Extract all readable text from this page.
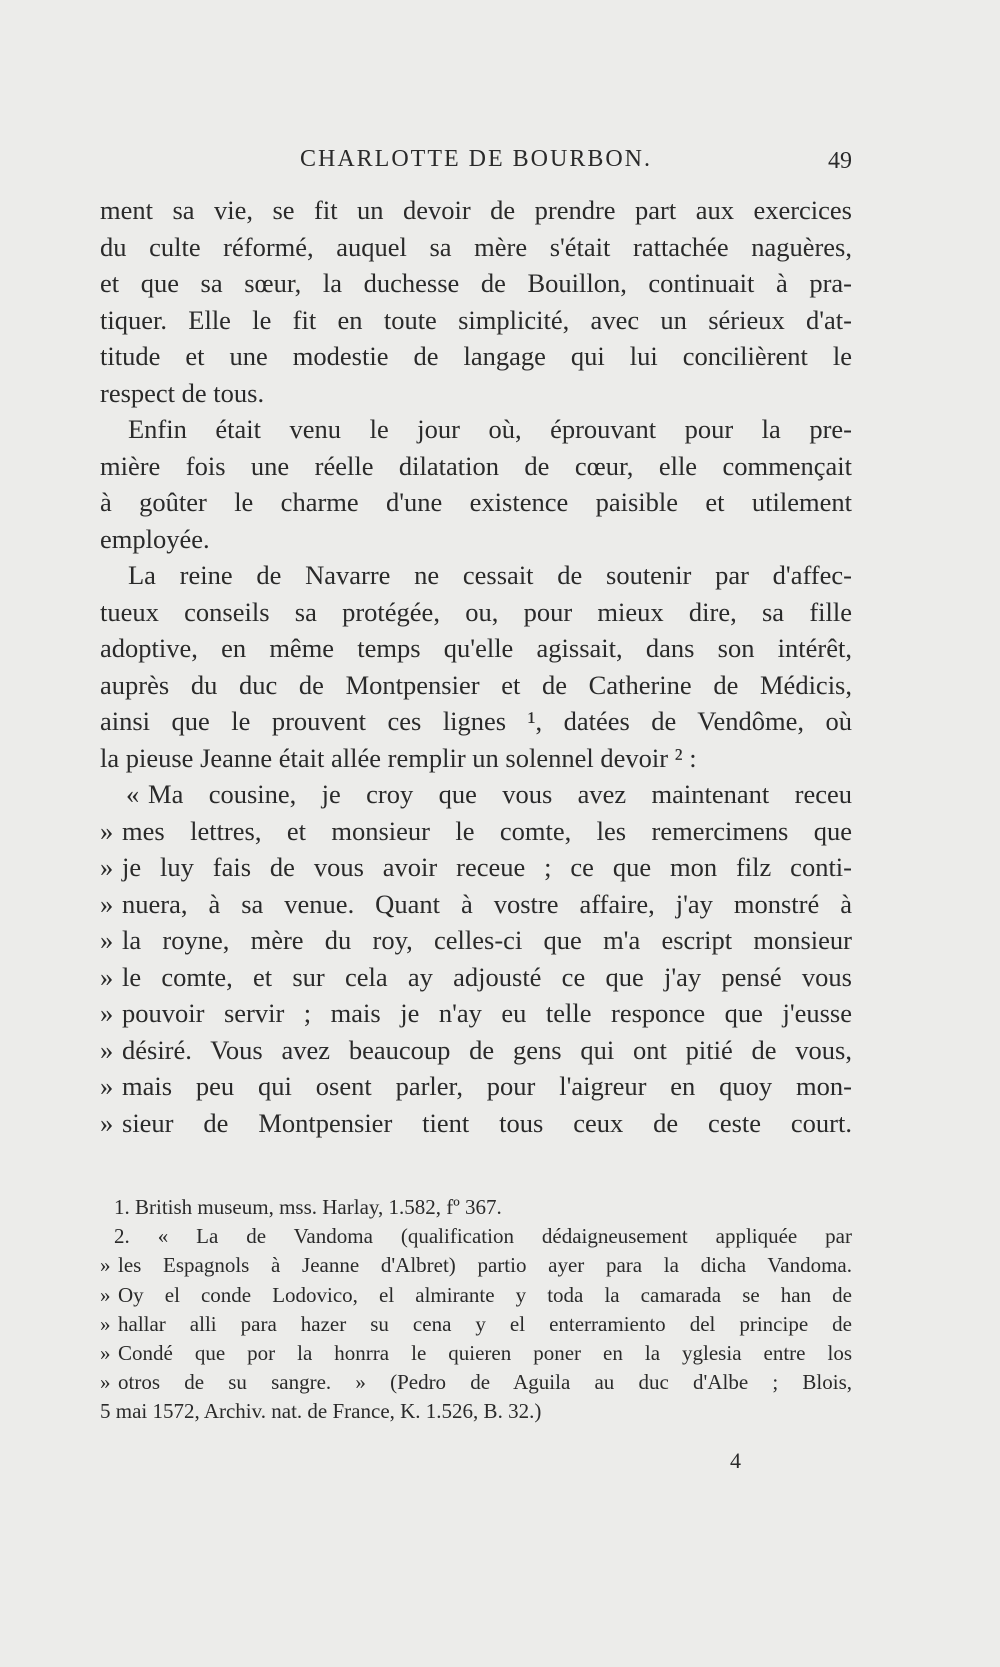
CHARLOTTE DE BOURBON.	49
ment sa vie, se fit un devoir de prendre part aux exercices
du culte réformé, auquel sa mère s'était rattachée naguères,
et que sa sœur, la duchesse de Bouillon, continuait à pra-
tiquer. Elle le fit en toute simplicité, avec un sérieux d'at-
titude et une modestie de langage qui lui concilièrent le
respect de tous.
Enfin était venu le jour où, éprouvant pour la pre-
mière fois une réelle dilatation de cœur, elle commençait
à goûter le charme d'une existence paisible et utilement
employée.
La reine de Navarre ne cessait de soutenir par d'affec-
tueux conseils sa protégée, ou, pour mieux dire, sa fille
adoptive, en même temps qu'elle agissait, dans son intérêt,
auprès du duc de Montpensier et de Catherine de Médicis,
ainsi que le prouvent ces lignes ¹, datées de Vendôme, où
la pieuse Jeanne était allée remplir un solennel devoir ² :
« Ma cousine, je croy que vous avez maintenant receu
» mes lettres, et monsieur le comte, les remercimens que
» je luy fais de vous avoir receue ; ce que mon filz conti-
» nuera, à sa venue. Quant à vostre affaire, j'ay monstré à
» la royne, mère du roy, celles-ci que m'a escript monsieur
» le comte, et sur cela ay adjousté ce que j'ay pensé vous
» pouvoir servir ; mais je n'ay eu telle responce que j'eusse
» désiré. Vous avez beaucoup de gens qui ont pitié de vous,
» mais peu qui osent parler, pour l'aigreur en quoy mon-
» sieur de Montpensier tient tous ceux de ceste court.
1. British museum, mss. Harlay, 1.582, fº 367.
2. « La de Vandoma (qualification dédaigneusement appliquée par
» les Espagnols à Jeanne d'Albret) partio ayer para la dicha Vandoma.
» Oy el conde Lodovico, el almirante y toda la camarada se han de
» hallar alli para hazer su cena y el enterramiento del principe de
» Condé que por la honrra le quieren poner en la yglesia entre los
» otros de su sangre. » (Pedro de Aguila au duc d'Albe ; Blois,
5 mai 1572, Archiv. nat. de France, K. 1.526, B. 32.)
4
